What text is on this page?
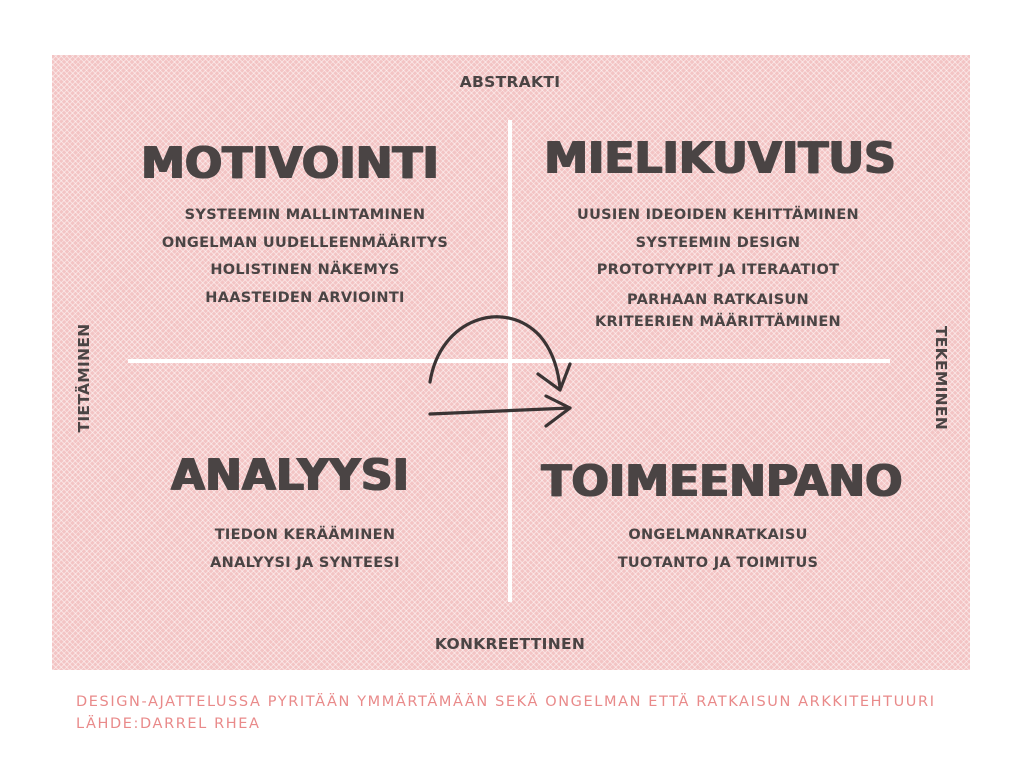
ABSTRAKTI
KONKREETTINEN
TIETÄMINEN	TEKEMINEN
MOTIVOINTI
SYSTEEMIN MALLINTAMINEN
ONGELMAN UUDELLEENMÄÄRITYS
HOLISTINEN NÄKEMYS
HAASTEIDEN ARVIOINTI
MIELIKUVITUS
UUSIEN IDEOIDEN KEHITTÄMINEN
SYSTEEMIN DESIGN
PROTOTYYPIT JA ITERAATIOT
PARHAAN RATKAISUN
KRITEERIEN MÄÄRITTÄMINEN
ANALYYSI
TIEDON KERÄÄMINEN
ANALYYSI JA SYNTEESI
TOIMEENPANO
ONGELMANRATKAISU
TUOTANTO JA TOIMITUS
DESIGN-AJATTELUSSA PYRITÄÄN YMMÄRTÄMÄÄN SEKÄ ONGELMAN ETTÄ RATKAISUN ARKKITEHTUURI
LÄHDE:DARREL RHEA
